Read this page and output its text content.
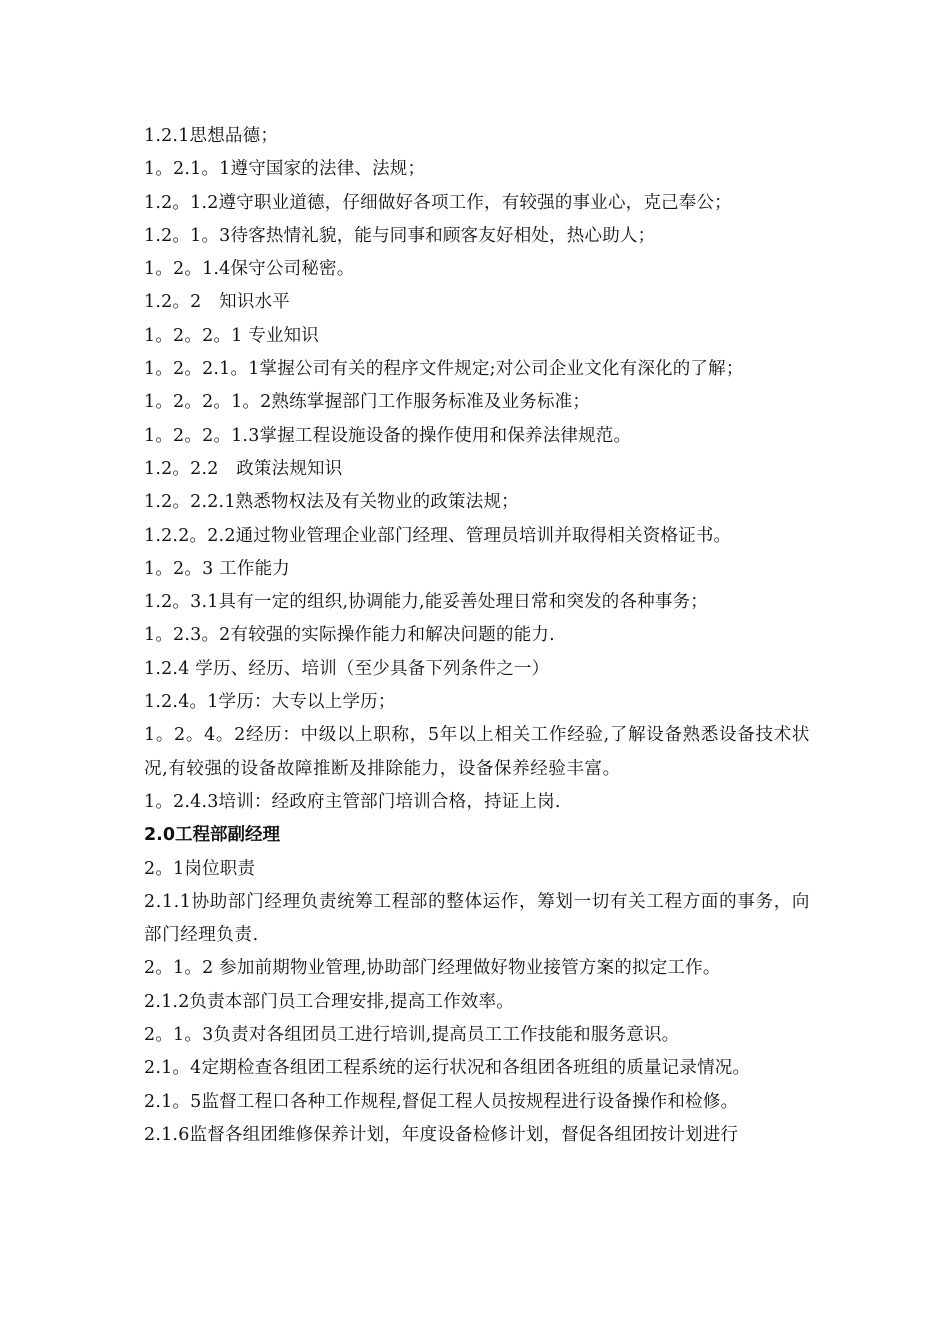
1.2.1思想品德；
1。2.1。1遵守国家的法律、法规；
1.2。1.2遵守职业道德，仔细做好各项工作，有较强的事业心，克己奉公；
1.2。1。3待客热情礼貌，能与同事和顾客友好相处，热心助人；
1。2。1.4保守公司秘密。
1.2。2　知识水平
1。2。2。1 专业知识
1。2。2.1。1掌握公司有关的程序文件规定;对公司企业文化有深化的了解；
1。2。2。1。2熟练掌握部门工作服务标准及业务标准；
1。2。2。1.3掌握工程设施设备的操作使用和保养法律规范。
1.2。2.2　政策法规知识
1.2。2.2.1熟悉物权法及有关物业的政策法规；
1.2.2。2.2通过物业管理企业部门经理、管理员培训并取得相关资格证书。
1。2。3 工作能力
1.2。3.1具有一定的组织,协调能力,能妥善处理日常和突发的各种事务；
1。2.3。2有较强的实际操作能力和解决问题的能力.
1.2.4 学历、经历、培训（至少具备下列条件之一）
1.2.4。1学历：大专以上学历；
1。2。4。2经历：中级以上职称，5年以上相关工作经验,了解设备熟悉设备技术状况,有较强的设备故障推断及排除能力，设备保养经验丰富。
1。2.4.3培训：经政府主管部门培训合格，持证上岗.
2.0工程部副经理
2。1岗位职责
2.1.1协助部门经理负责统筹工程部的整体运作，筹划一切有关工程方面的事务，向部门经理负责.
2。1。2 参加前期物业管理,协助部门经理做好物业接管方案的拟定工作。
2.1.2负责本部门员工合理安排,提高工作效率。
2。1。3负责对各组团员工进行培训,提高员工工作技能和服务意识。
2.1。4定期检查各组团工程系统的运行状况和各组团各班组的质量记录情况。
2.1。5监督工程口各种工作规程,督促工程人员按规程进行设备操作和检修。
2.1.6监督各组团维修保养计划，年度设备检修计划，督促各组团按计划进行
